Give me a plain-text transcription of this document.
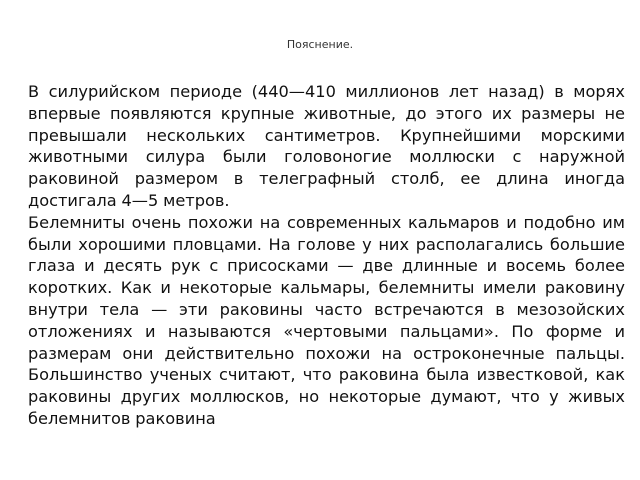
Пояснение.

В силурийском периоде (440—410 миллионов лет назад) в морях впервые появляются крупные животные, до этого их размеры не превышали нескольких сантиметров. Крупнейшими морскими животными силура были головоногие моллюски с наружной раковиной размером в телеграфный столб, ее длина иногда достигала 4—5 метров.

Белемниты очень похожи на современных кальмаров и подобно им были хорошими пловцами. На голове у них располагались большие глаза и десять рук с присосками — две длинные и восемь более коротких. Как и некоторые кальмары, белемниты имели раковину внутри тела — эти раковины часто встречаются в мезозойских отложениях и называются «чертовыми пальцами». По форме и размерам они действительно похожи на остроконечные пальцы. Большинство ученых считают, что раковина была известковой, как раковины других моллюсков, но некоторые думают, что у живых белемнитов раковина
